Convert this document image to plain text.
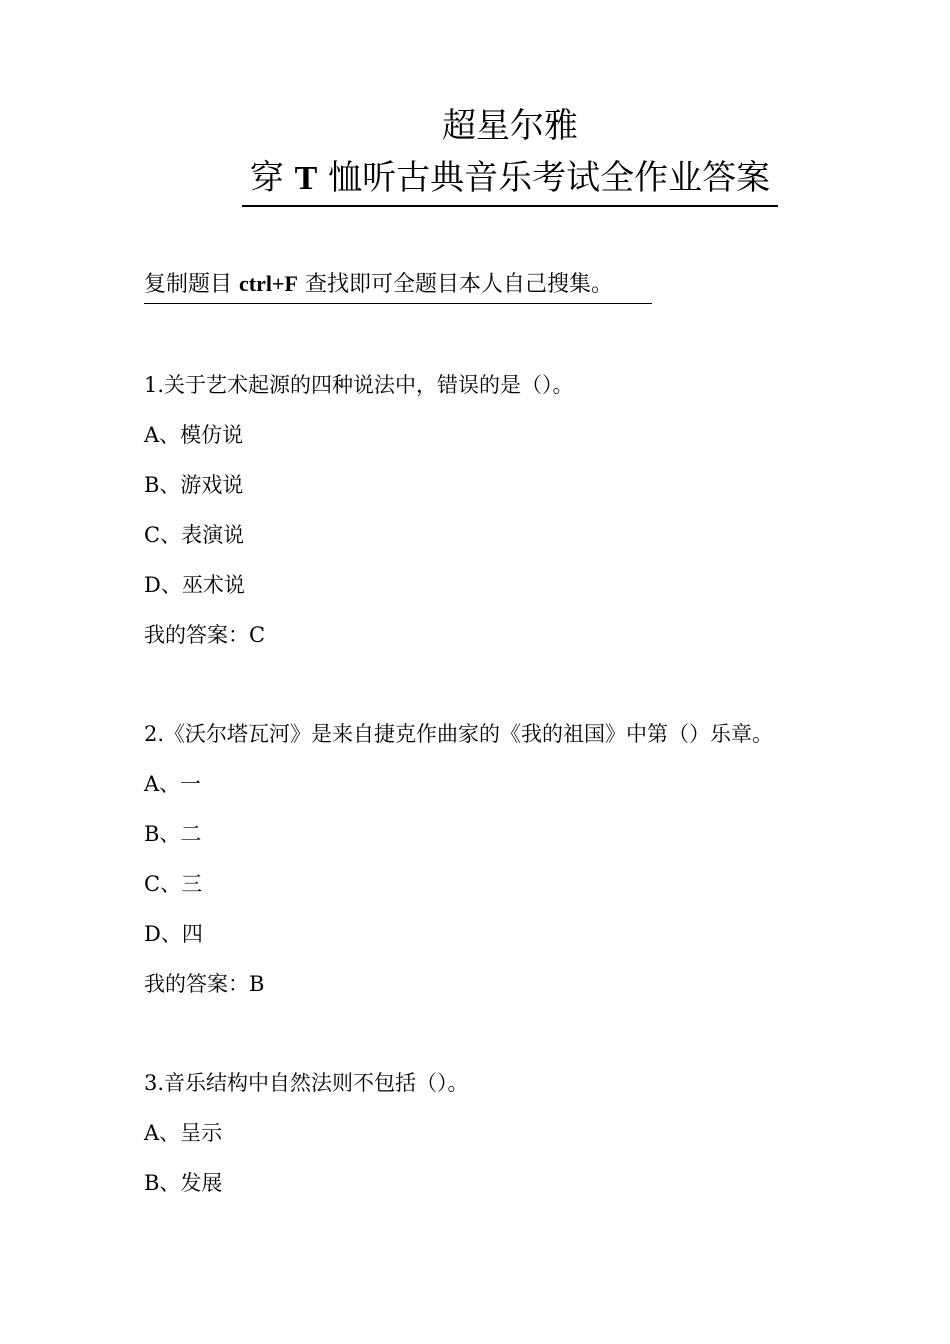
超星尔雅
穿 T 恤听古典音乐考试全作业答案
复制题目 ctrl+F 查找即可全题目本人自己搜集。
1.关于艺术起源的四种说法中，错误的是（）。
A、模仿说
B、游戏说
C、表演说
D、巫术说
我的答案：C
2.《沃尔塔瓦河》是来自捷克作曲家的《我的祖国》中第（）乐章。
A、一
B、二
C、三
D、四
我的答案：B
3.音乐结构中自然法则不包括（）。
A、呈示
B、发展
